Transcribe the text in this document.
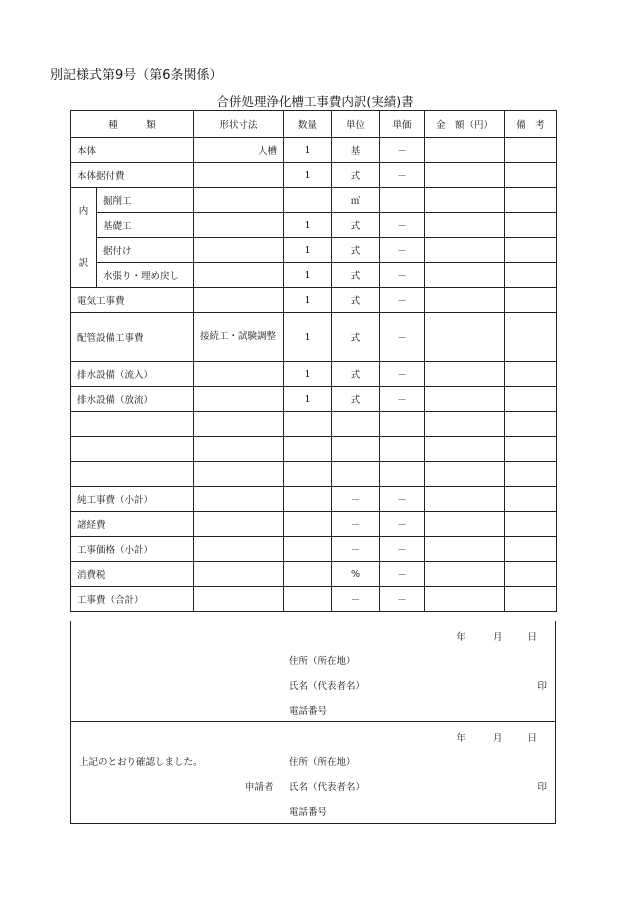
別記様式第9号（第6条関係）
合併処理浄化槽工事費内訳(実績)書
種　　　類		形状寸法	数量	単位	単価	金　額（円）	備　考
本体		人槽	1	基	－		
本体据付費			1	式	－		
内

訳	掘削工			㎥			
	基礎工		1	式	－		
	据付け		1	式	－		
	水張り・埋め戻し		1	式	－		
電気工事費			1	式	－		
配管設備工事費		接続工・試験調整	1	式	－		
排水設備（流入）			1	式	－		
排水設備（放流）			1	式	－		

純工事費（小計）				－	－		
諸経費				－	－		
工事価格（小計）				－	－		
消費税				%	－		
工事費（合計）				－	－		
年	月	日
住所（所在地）
氏名（代表者名）	印
電話番号
年	月	日
上記のとおり確認しました。	住所（所在地）
申請者 氏名（代表者名）	印
電話番号
